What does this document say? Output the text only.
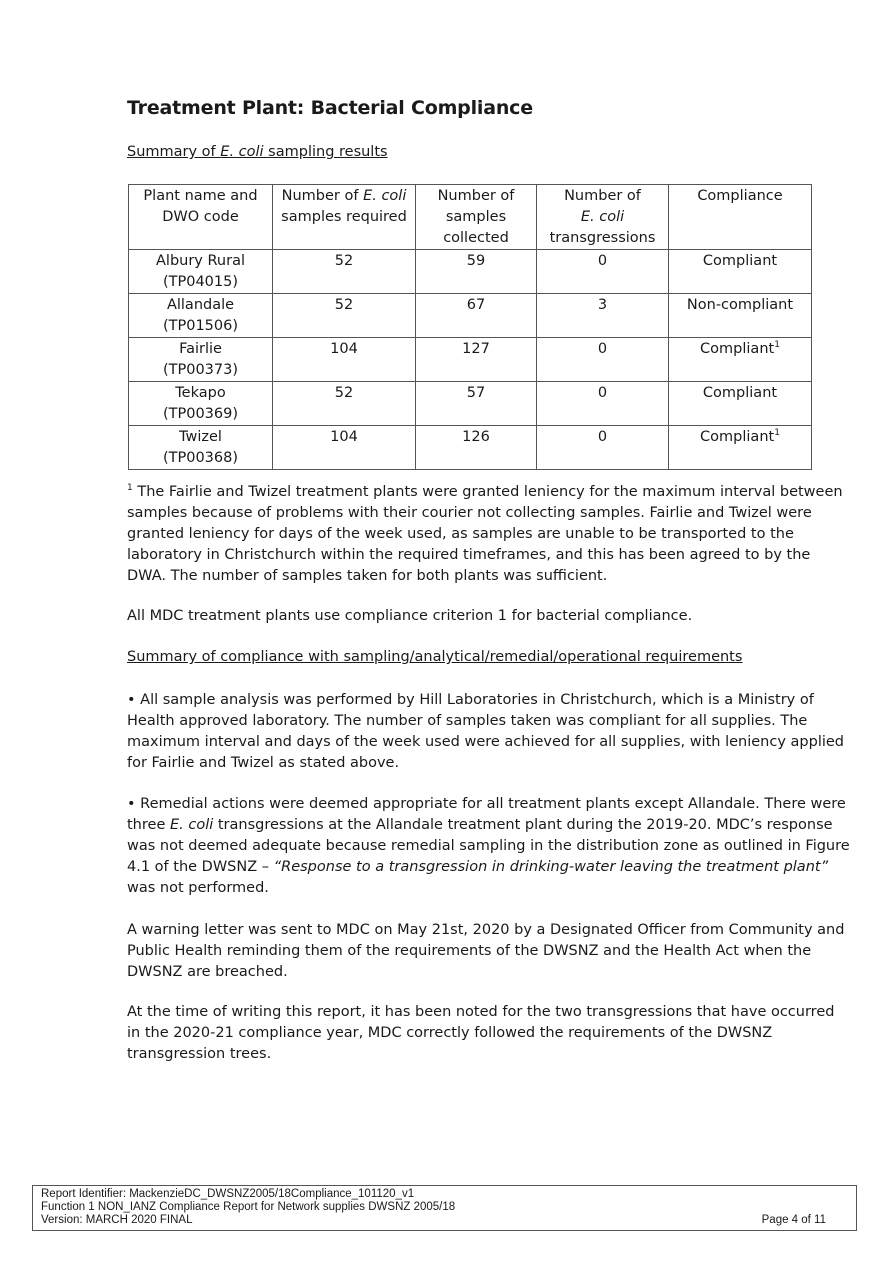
Treatment Plant: Bacterial Compliance

Summary of E. coli sampling results

Plant name and DWO code	Number of E. coli samples required	Number of samples collected	Number of
E. coli
transgressions	Compliance
Albury Rural
(TP04015)	52	59	0	Compliant
Allandale
(TP01506)	52	67	3	Non-compliant
Fairlie
(TP00373)	104	127	0	Compliant$^1$
Tekapo
(TP00369)	52	57	0	Compliant
Twizel
(TP00368)	104	126	0	Compliant$^1$

$^1$ The Fairlie and Twizel treatment plants were granted leniency for the maximum interval between samples because of problems with their courier not collecting samples. Fairlie and Twizel were granted leniency for days of the week used, as samples are unable to be transported to the laboratory in Christchurch within the required timeframes, and this has been agreed to by the DWA. The number of samples taken for both plants was sufficient.

All MDC treatment plants use compliance criterion 1 for bacterial compliance.

Summary of compliance with sampling/analytical/remedial/operational requirements

• All sample analysis was performed by Hill Laboratories in Christchurch, which is a Ministry of Health approved laboratory. The number of samples taken was compliant for all supplies. The maximum interval and days of the week used were achieved for all supplies, with leniency applied for Fairlie and Twizel as stated above.

• Remedial actions were deemed appropriate for all treatment plants except Allandale. There were three E. coli transgressions at the Allandale treatment plant during the 2019-20. MDC’s response was not deemed adequate because remedial sampling in the distribution zone as outlined in Figure 4.1 of the DWSNZ – “Response to a transgression in drinking-water leaving the treatment plant” was not performed.

A warning letter was sent to MDC on May 21st, 2020 by a Designated Officer from Community and Public Health reminding them of the requirements of the DWSNZ and the Health Act when the DWSNZ are breached.

At the time of writing this report, it has been noted for the two transgressions that have occurred in the 2020-21 compliance year, MDC correctly followed the requirements of the DWSNZ transgression trees.

Report Identifier: MackenzieDC_DWSNZ2005/18Compliance_101120_v1
Function 1 NON_IANZ Compliance Report for Network supplies DWSNZ 2005/18
Version: MARCH 2020 FINAL	Page 4 of 11
